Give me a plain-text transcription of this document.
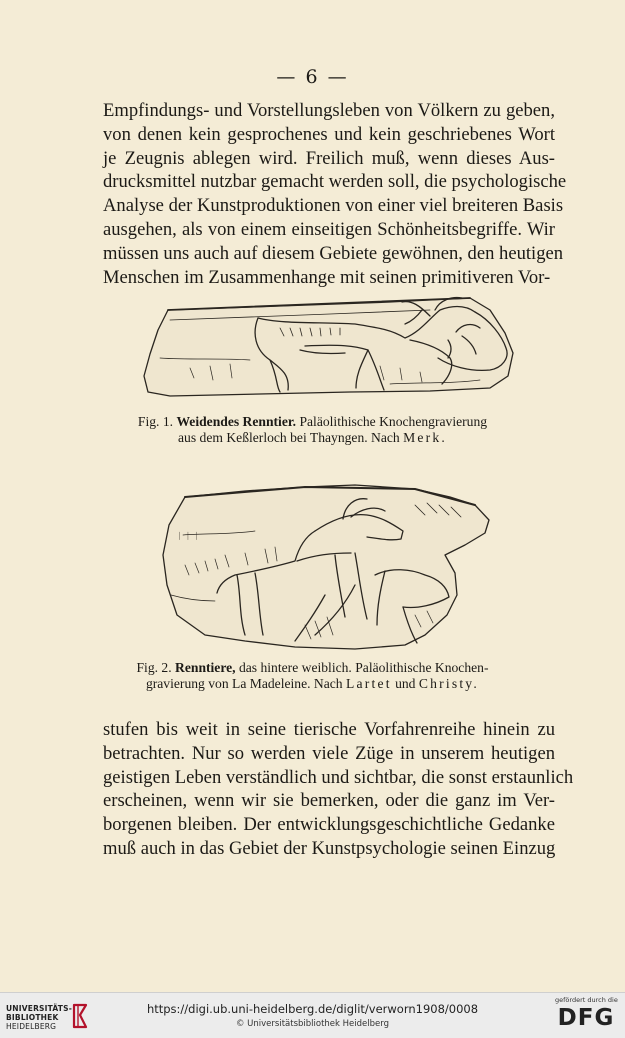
— 6 —
Empfindungs- und Vorstellungsleben von Völkern zu geben,
von denen kein gesprochenes und kein geschriebenes Wort
je Zeugnis ablegen wird. Freilich muß, wenn dieses Aus-
drucksmittel nutzbar gemacht werden soll, die psychologische
Analyse der Kunstproduktionen von einer viel breiteren Basis
ausgehen, als von einem einseitigen Schönheitsbegriffe. Wir
müssen uns auch auf diesem Gebiete gewöhnen, den heutigen
Menschen im Zusammenhange mit seinen primitiveren Vor-
Fig. 1. Weidendes Renntier. Paläolithische Knochengravierung
aus dem Keßlerloch bei Thayngen. Nach Merk.
ᛁ ᛁ ᛁ
Fig. 2. Renntiere, das hintere weiblich. Paläolithische Knochen-
gravierung von La Madeleine. Nach Lartet und Christy.
stufen bis weit in seine tierische Vorfahrenreihe hinein zu
betrachten. Nur so werden viele Züge in unserem heutigen
geistigen Leben verständlich und sichtbar, die sonst erstaunlich
erscheinen, wenn wir sie bemerken, oder die ganz im Ver-
borgenen bleiben. Der entwicklungsgeschichtliche Gedanke
muß auch in das Gebiet der Kunstpsychologie seinen Einzug
UNIVERSITÄTS-
BIBLIOTHEK
HEIDELBERG
https://digi.ub.uni-heidelberg.de/diglit/verworn1908/0008
© Universitätsbibliothek Heidelberg
gefördert durch die
DFG
